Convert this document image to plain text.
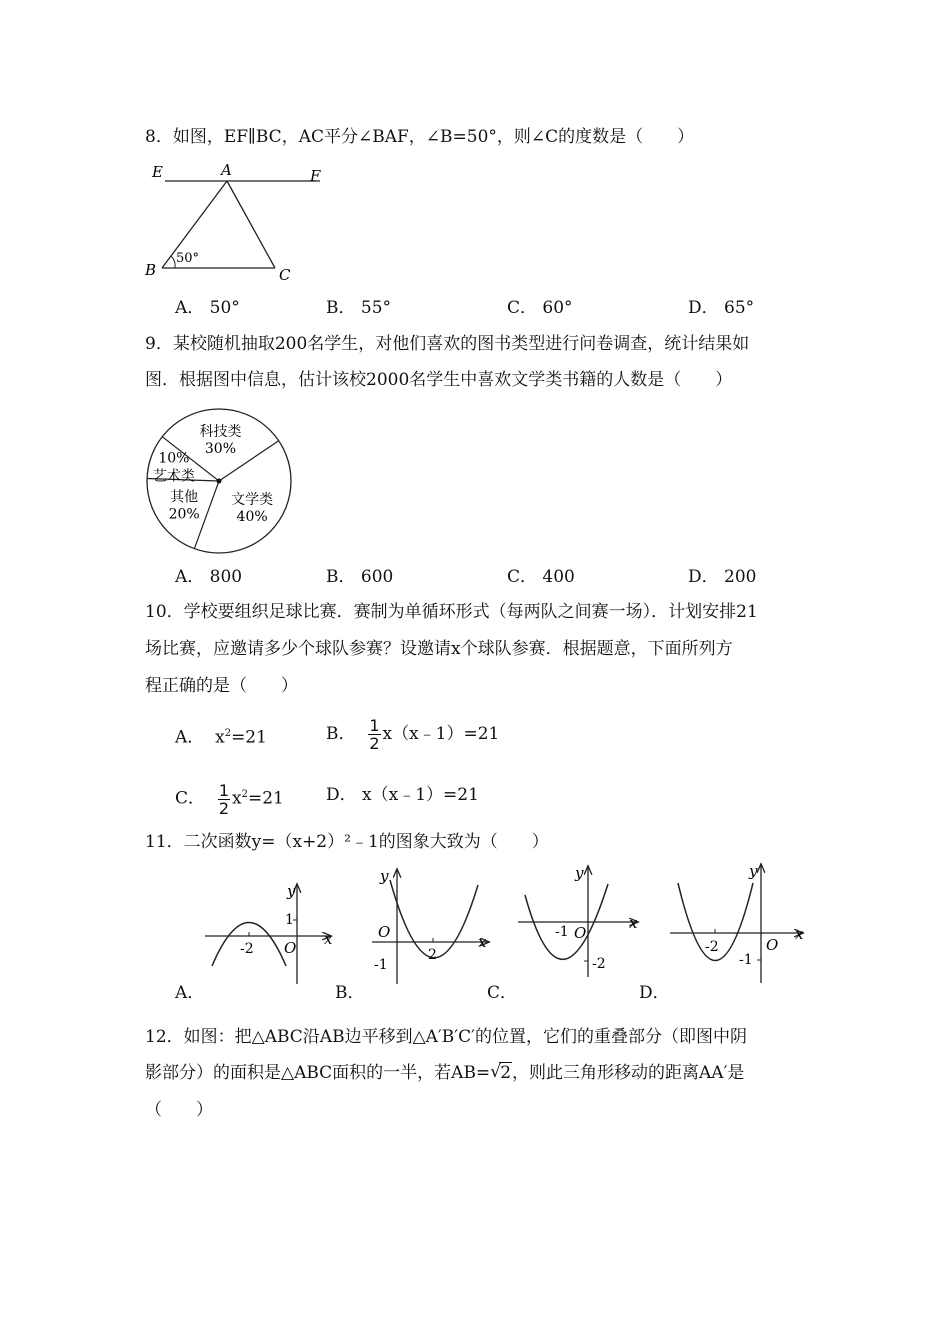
8．如图，EF∥BC，AC平分∠BAF，∠B=50°，则∠C的度数是（　　）
E	A	F
B	C
50°
A． 50°	B． 55°	C． 60°	D． 65°
9．某校随机抽取200名学生，对他们喜欢的图书类型进行问卷调查，统计结果如
图．根据图中信息，估计该校2000名学生中喜欢文学类书籍的人数是（　　）
科技类
30%
文学类
40%
其他
20%
艺术类
10%
A． 800	B． 600	C． 400	D． 200
10．学校要组织足球比赛．赛制为单循环形式（每两队之间赛一场）．计划安排21
场比赛，应邀请多少个球队参赛？设邀请x个球队参赛．根据题意，下面所列方
程正确的是（　　）
A． $x^2=21$	B． $\frac{1}{2}$ x（x﹣1）=21
C． $\frac{1}{2} x^2=21$ D． x（x﹣1）=21
11．二次函数y=（x+2）²﹣1的图象大致为（　　）
y
x
O
1
-2
y
x
O
-1
2
y
x
O
-1
-2
y
x
O
-2
-1
A．	B．	C．	D．
12．如图：把△ABC沿AB边平移到△A′B′C′的位置，它们的重叠部分（即图中阴
影部分）的面积是△ABC面积的一半，若AB= √ 2，则此三角形移动的距离AA′是
（　　）
